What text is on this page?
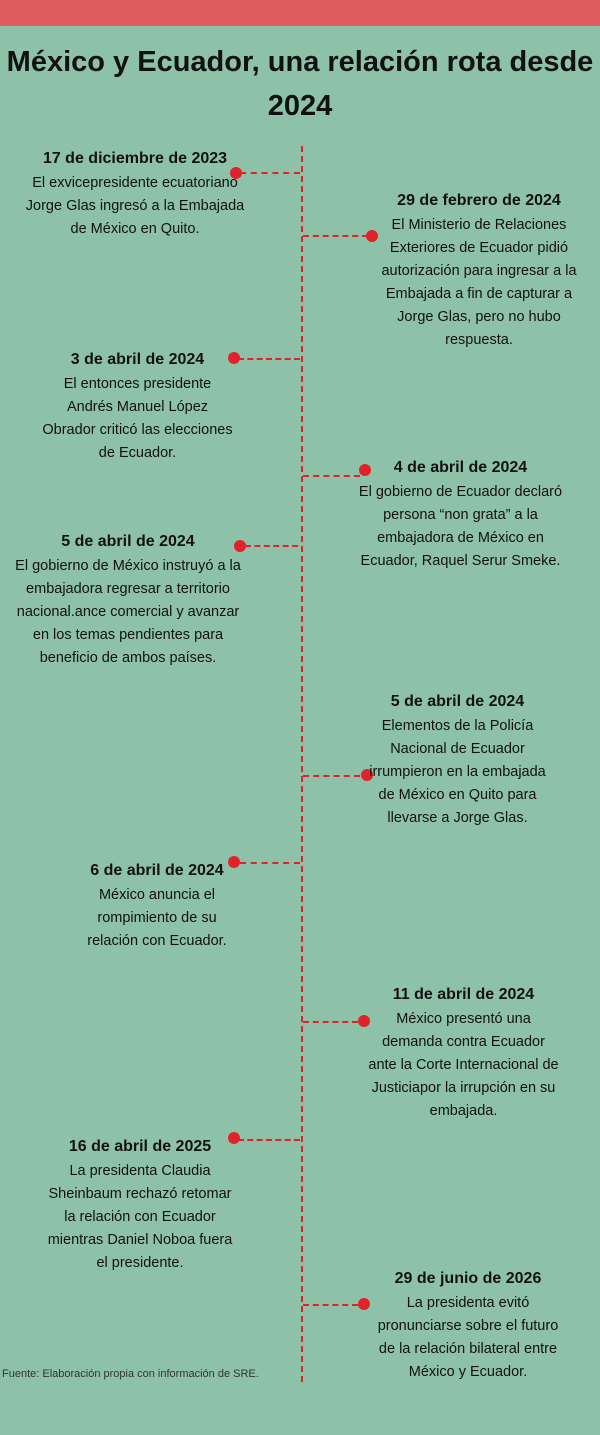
México y Ecuador, una relación rota desde 2024
17 de diciembre de 2023
El exvicepresidente ecuatoriano Jorge Glas ingresó a la Embajada de México en Quito.
29 de febrero de 2024
El Ministerio de Relaciones Exteriores de Ecuador pidió autorización para ingresar a la Embajada a fin de capturar a Jorge Glas, pero no hubo respuesta.
3 de abril de 2024
El entonces presidente Andrés Manuel López Obrador criticó las elecciones de Ecuador.
4 de abril de 2024
El gobierno de Ecuador declaró persona “non grata” a la embajadora de México en Ecuador, Raquel Serur Smeke.
5 de abril de 2024
El gobierno de México instruyó a la embajadora regresar a territorio nacional.ance comercial y avanzar en los temas pendientes para beneficio de ambos países.
5 de abril de 2024
Elementos de la Policía Nacional de Ecuador irrumpieron en la embajada de México en Quito para llevarse a Jorge Glas.
6 de abril de 2024
México anuncia el rompimiento de su relación con Ecuador.
11 de abril de 2024
México presentó una demanda contra Ecuador ante la Corte Internacional de Justiciapor la irrupción en su embajada.
16 de abril de 2025
La presidenta Claudia Sheinbaum rechazó retomar la relación con Ecuador mientras Daniel Noboa fuera el presidente.
29 de junio de 2026
La presidenta evitó pronunciarse sobre el futuro de la relación bilateral entre México y Ecuador.
Fuente: Elaboración propia con información de SRE.
